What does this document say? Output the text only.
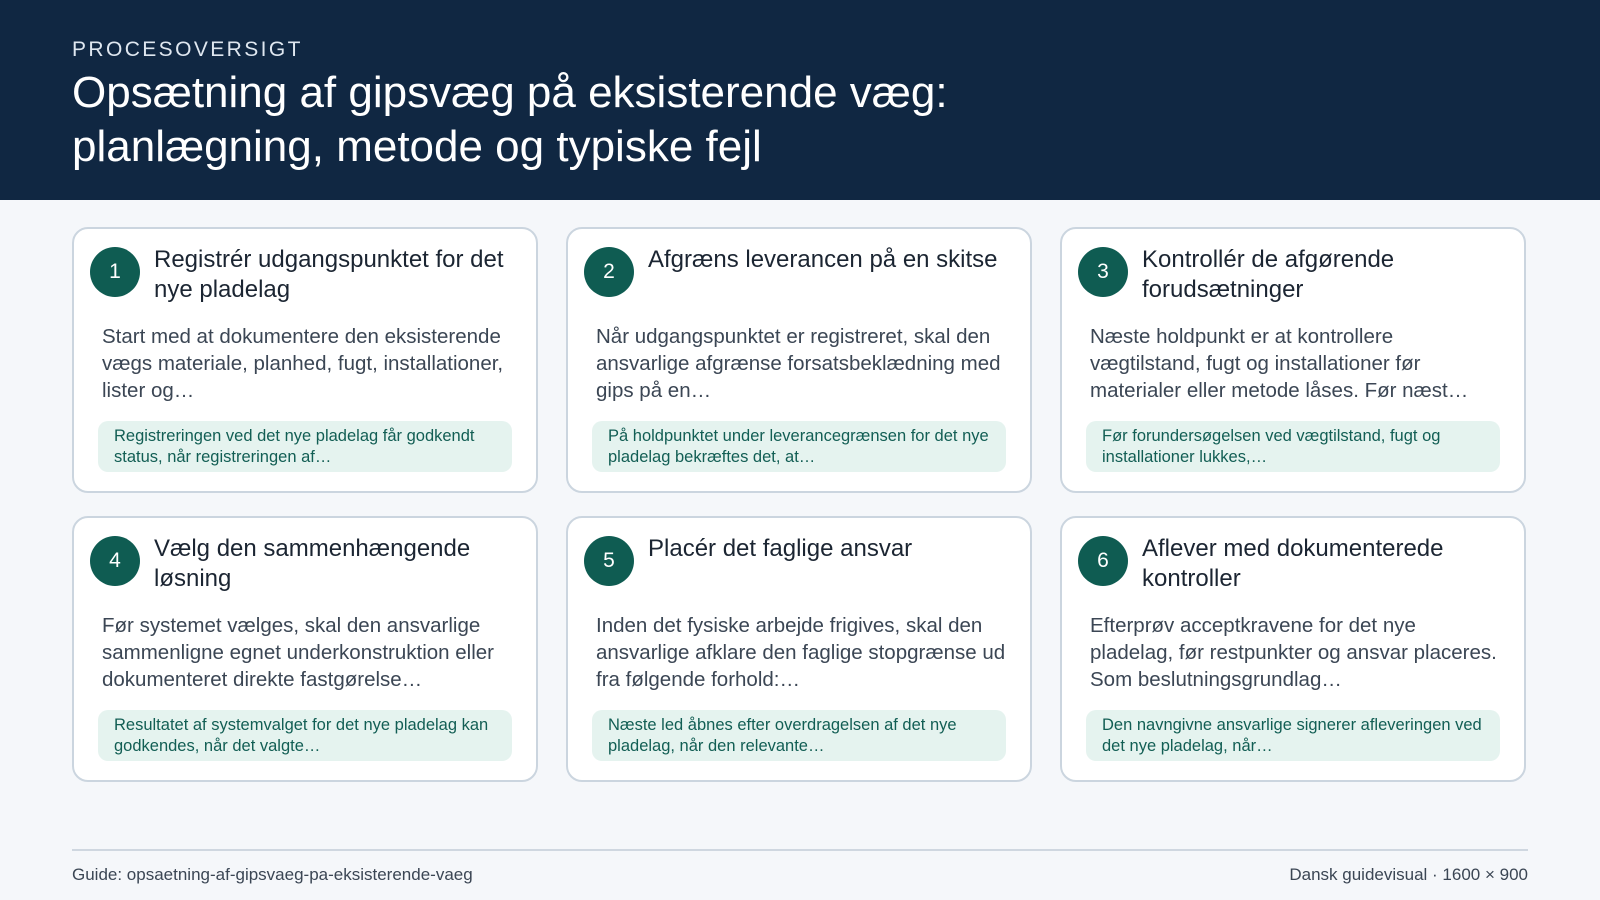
PROCESOVERSIGT
Opsætning af gipsvæg på eksisterende væg:
planlægning, metode og typiske fejl
1	Registrér udgangspunktet for det nye pladelag
Start med at dokumentere den eksisterende vægs materiale, planhed, fugt, installationer, lister og…
Registreringen ved det nye pladelag får godkendt status, når registreringen af…
2	Afgræns leverancen på en skitse
Når udgangspunktet er registreret, skal den ansvarlige afgrænse forsatsbeklædning med gips på en…
På holdpunktet under leverancegrænsen for det nye pladelag bekræftes det, at…
3	Kontrollér de afgørende forudsætninger
Næste holdpunkt er at kontrollere vægtilstand, fugt og installationer før materialer eller metode låses. Før næst…
Før forundersøgelsen ved vægtilstand, fugt og installationer lukkes,…
4	Vælg den sammenhængende løsning
Før systemet vælges, skal den ansvarlige sammenligne egnet underkonstruktion eller dokumenteret direkte fastgørelse…
Resultatet af systemvalget for det nye pladelag kan godkendes, når det valgte…
5	Placér det faglige ansvar
Inden det fysiske arbejde frigives, skal den ansvarlige afklare den faglige stopgrænse ud fra følgende forhold:…
Næste led åbnes efter overdragelsen af det nye pladelag, når den relevante…
6	Aflever med dokumenterede kontroller
Efterprøv acceptkravene for det nye pladelag, før restpunkter og ansvar placeres. Som beslutningsgrundlag…
Den navngivne ansvarlige signerer afleveringen ved det nye pladelag, når…
Guide: opsaetning-af-gipsvaeg-pa-eksisterende-vaeg	Dansk guidevisual · 1600 × 900
